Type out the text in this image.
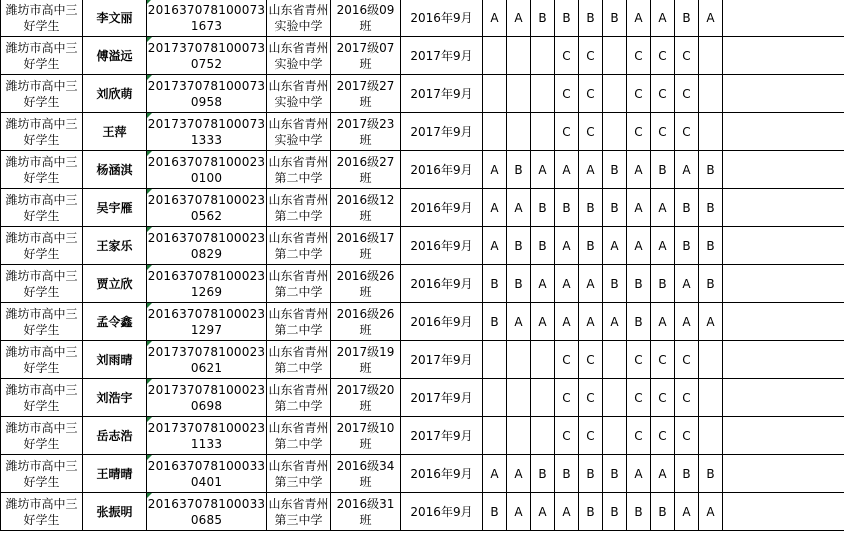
潍坊市高中三
好学生	李文丽	201637078100073
1673	山东省青州
实验中学	2016级09班	2016年9月	A	A	B	B	B	B	A	A	B	A	

潍坊市高中三
好学生	傅溢远	201737078100073
0752	山东省青州
实验中学	2017级07班	2017年9月				C	C		C	C	C		

潍坊市高中三
好学生	刘欣萌	201737078100073
0958	山东省青州
实验中学	2017级27班	2017年9月				C	C		C	C	C		

潍坊市高中三
好学生	王萍	201737078100073
1333	山东省青州
实验中学	2017级23班	2017年9月				C	C		C	C	C		

潍坊市高中三
好学生	杨涵淇	201637078100023
0100	山东省青州
第二中学	2016级27班	2016年9月	A	B	A	A	A	B	A	B	A	B	

潍坊市高中三
好学生	吴宇雁	201637078100023
0562	山东省青州
第二中学	2016级12班	2016年9月	A	A	B	B	B	B	A	A	B	B	

潍坊市高中三
好学生	王家乐	201637078100023
0829	山东省青州
第二中学	2016级17班	2016年9月	A	B	B	A	B	A	A	A	B	B	

潍坊市高中三
好学生	贾立欣	201637078100023
1269	山东省青州
第二中学	2016级26班	2016年9月	B	B	A	A	A	B	B	B	A	B	

潍坊市高中三
好学生	孟令鑫	201637078100023
1297	山东省青州
第二中学	2016级26班	2016年9月	B	A	A	A	A	A	B	A	A	A	

潍坊市高中三
好学生	刘雨晴	201737078100023
0621	山东省青州
第二中学	2017级19班	2017年9月				C	C		C	C	C		

潍坊市高中三
好学生	刘浩宇	201737078100023
0698	山东省青州
第二中学	2017级20班	2017年9月				C	C		C	C	C		

潍坊市高中三
好学生	岳志浩	201737078100023
1133	山东省青州
第二中学	2017级10班	2017年9月				C	C		C	C	C		

潍坊市高中三
好学生	王晴晴	201637078100033
0401	山东省青州
第三中学	2016级34班	2016年9月	A	A	B	B	B	B	A	A	B	B	

潍坊市高中三
好学生	张振明	201637078100033
0685	山东省青州
第三中学	2016级31班	2016年9月	B	A	A	A	B	B	B	B	A	A	
